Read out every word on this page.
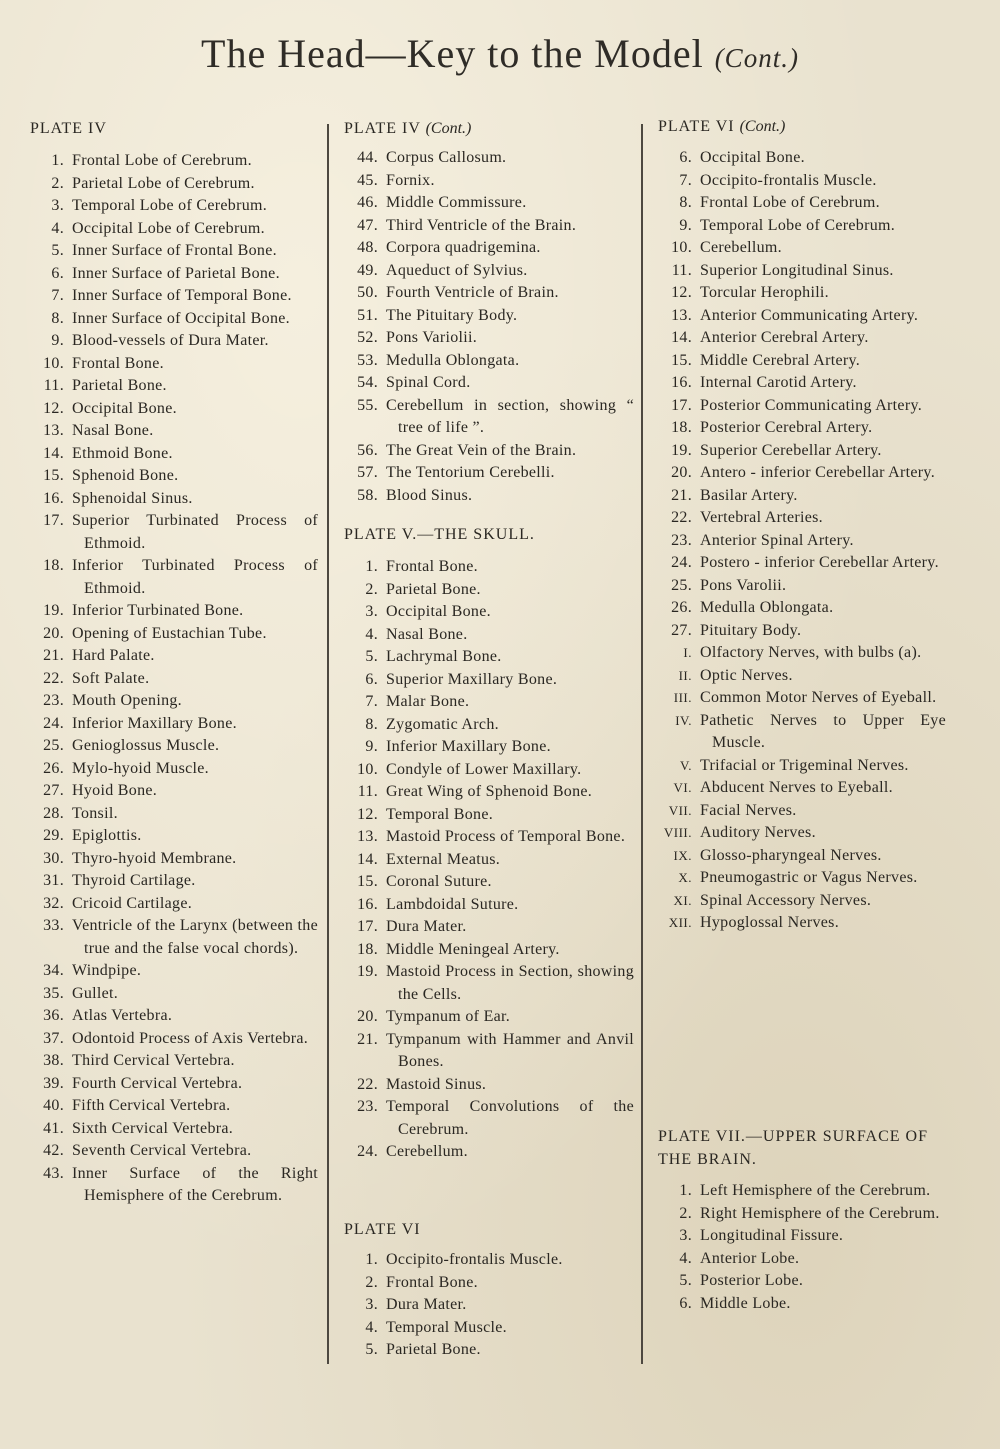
The Head—Key to the Model (Cont.)
PLATE IV
1. Frontal Lobe of Cerebrum.
2. Parietal Lobe of Cerebrum.
3. Temporal Lobe of Cerebrum.
4. Occipital Lobe of Cerebrum.
5. Inner Surface of Frontal Bone.
6. Inner Surface of Parietal Bone.
7. Inner Surface of Temporal Bone.
8. Inner Surface of Occipital Bone.
9. Blood-vessels of Dura Mater.
10. Frontal Bone.
11. Parietal Bone.
12. Occipital Bone.
13. Nasal Bone.
14. Ethmoid Bone.
15. Sphenoid Bone.
16. Sphenoidal Sinus.
17. Superior Turbinated Process of Ethmoid.
18. Inferior Turbinated Process of Ethmoid.
19. Inferior Turbinated Bone.
20. Opening of Eustachian Tube.
21. Hard Palate.
22. Soft Palate.
23. Mouth Opening.
24. Inferior Maxillary Bone.
25. Genioglossus Muscle.
26. Mylo-hyoid Muscle.
27. Hyoid Bone.
28. Tonsil.
29. Epiglottis.
30. Thyro-hyoid Membrane.
31. Thyroid Cartilage.
32. Cricoid Cartilage.
33. Ventricle of the Larynx (between the true and the false vocal chords).
34. Windpipe.
35. Gullet.
36. Atlas Vertebra.
37. Odontoid Process of Axis Vertebra.
38. Third Cervical Vertebra.
39. Fourth Cervical Vertebra.
40. Fifth Cervical Vertebra.
41. Sixth Cervical Vertebra.
42. Seventh Cervical Vertebra.
43. Inner Surface of the Right Hemisphere of the Cerebrum.
PLATE IV (Cont.)
44. Corpus Callosum.
45. Fornix.
46. Middle Commissure.
47. Third Ventricle of the Brain.
48. Corpora quadrigemina.
49. Aqueduct of Sylvius.
50. Fourth Ventricle of Brain.
51. The Pituitary Body.
52. Pons Variolii.
53. Medulla Oblongata.
54. Spinal Cord.
55. Cerebellum in section, showing “ tree of life ”.
56. The Great Vein of the Brain.
57. The Tentorium Cerebelli.
58. Blood Sinus.
PLATE V.—THE SKULL.
1. Frontal Bone.
2. Parietal Bone.
3. Occipital Bone.
4. Nasal Bone.
5. Lachrymal Bone.
6. Superior Maxillary Bone.
7. Malar Bone.
8. Zygomatic Arch.
9. Inferior Maxillary Bone.
10. Condyle of Lower Maxillary.
11. Great Wing of Sphenoid Bone.
12. Temporal Bone.
13. Mastoid Process of Temporal Bone.
14. External Meatus.
15. Coronal Suture.
16. Lambdoidal Suture.
17. Dura Mater.
18. Middle Meningeal Artery.
19. Mastoid Process in Section, showing the Cells.
20. Tympanum of Ear.
21. Tympanum with Hammer and Anvil Bones.
22. Mastoid Sinus.
23. Temporal Convolutions of the Cerebrum.
24. Cerebellum.
PLATE VI
1. Occipito-frontalis Muscle.
2. Frontal Bone.
3. Dura Mater.
4. Temporal Muscle.
5. Parietal Bone.
PLATE VI (Cont.)
6. Occipital Bone.
7. Occipito-frontalis Muscle.
8. Frontal Lobe of Cerebrum.
9. Temporal Lobe of Cerebrum.
10. Cerebellum.
11. Superior Longitudinal Sinus.
12. Torcular Herophili.
13. Anterior Communicating Artery.
14. Anterior Cerebral Artery.
15. Middle Cerebral Artery.
16. Internal Carotid Artery.
17. Posterior Communicating Artery.
18. Posterior Cerebral Artery.
19. Superior Cerebellar Artery.
20. Antero - inferior Cerebellar Artery.
21. Basilar Artery.
22. Vertebral Arteries.
23. Anterior Spinal Artery.
24. Postero - inferior Cerebellar Artery.
25. Pons Varolii.
26. Medulla Oblongata.
27. Pituitary Body.
I. Olfactory Nerves, with bulbs (a).
II. Optic Nerves.
III. Common Motor Nerves of Eyeball.
IV. Pathetic Nerves to Upper Eye Muscle.
V. Trifacial or Trigeminal Nerves.
VI. Abducent Nerves to Eyeball.
VII. Facial Nerves.
VIII. Auditory Nerves.
IX. Glosso-pharyngeal Nerves.
X. Pneumogastric or Vagus Nerves.
XI. Spinal Accessory Nerves.
XII. Hypoglossal Nerves.
PLATE VII.—UPPER SURFACE OF THE BRAIN.
1. Left Hemisphere of the Cerebrum.
2. Right Hemisphere of the Cerebrum.
3. Longitudinal Fissure.
4. Anterior Lobe.
5. Posterior Lobe.
6. Middle Lobe.
